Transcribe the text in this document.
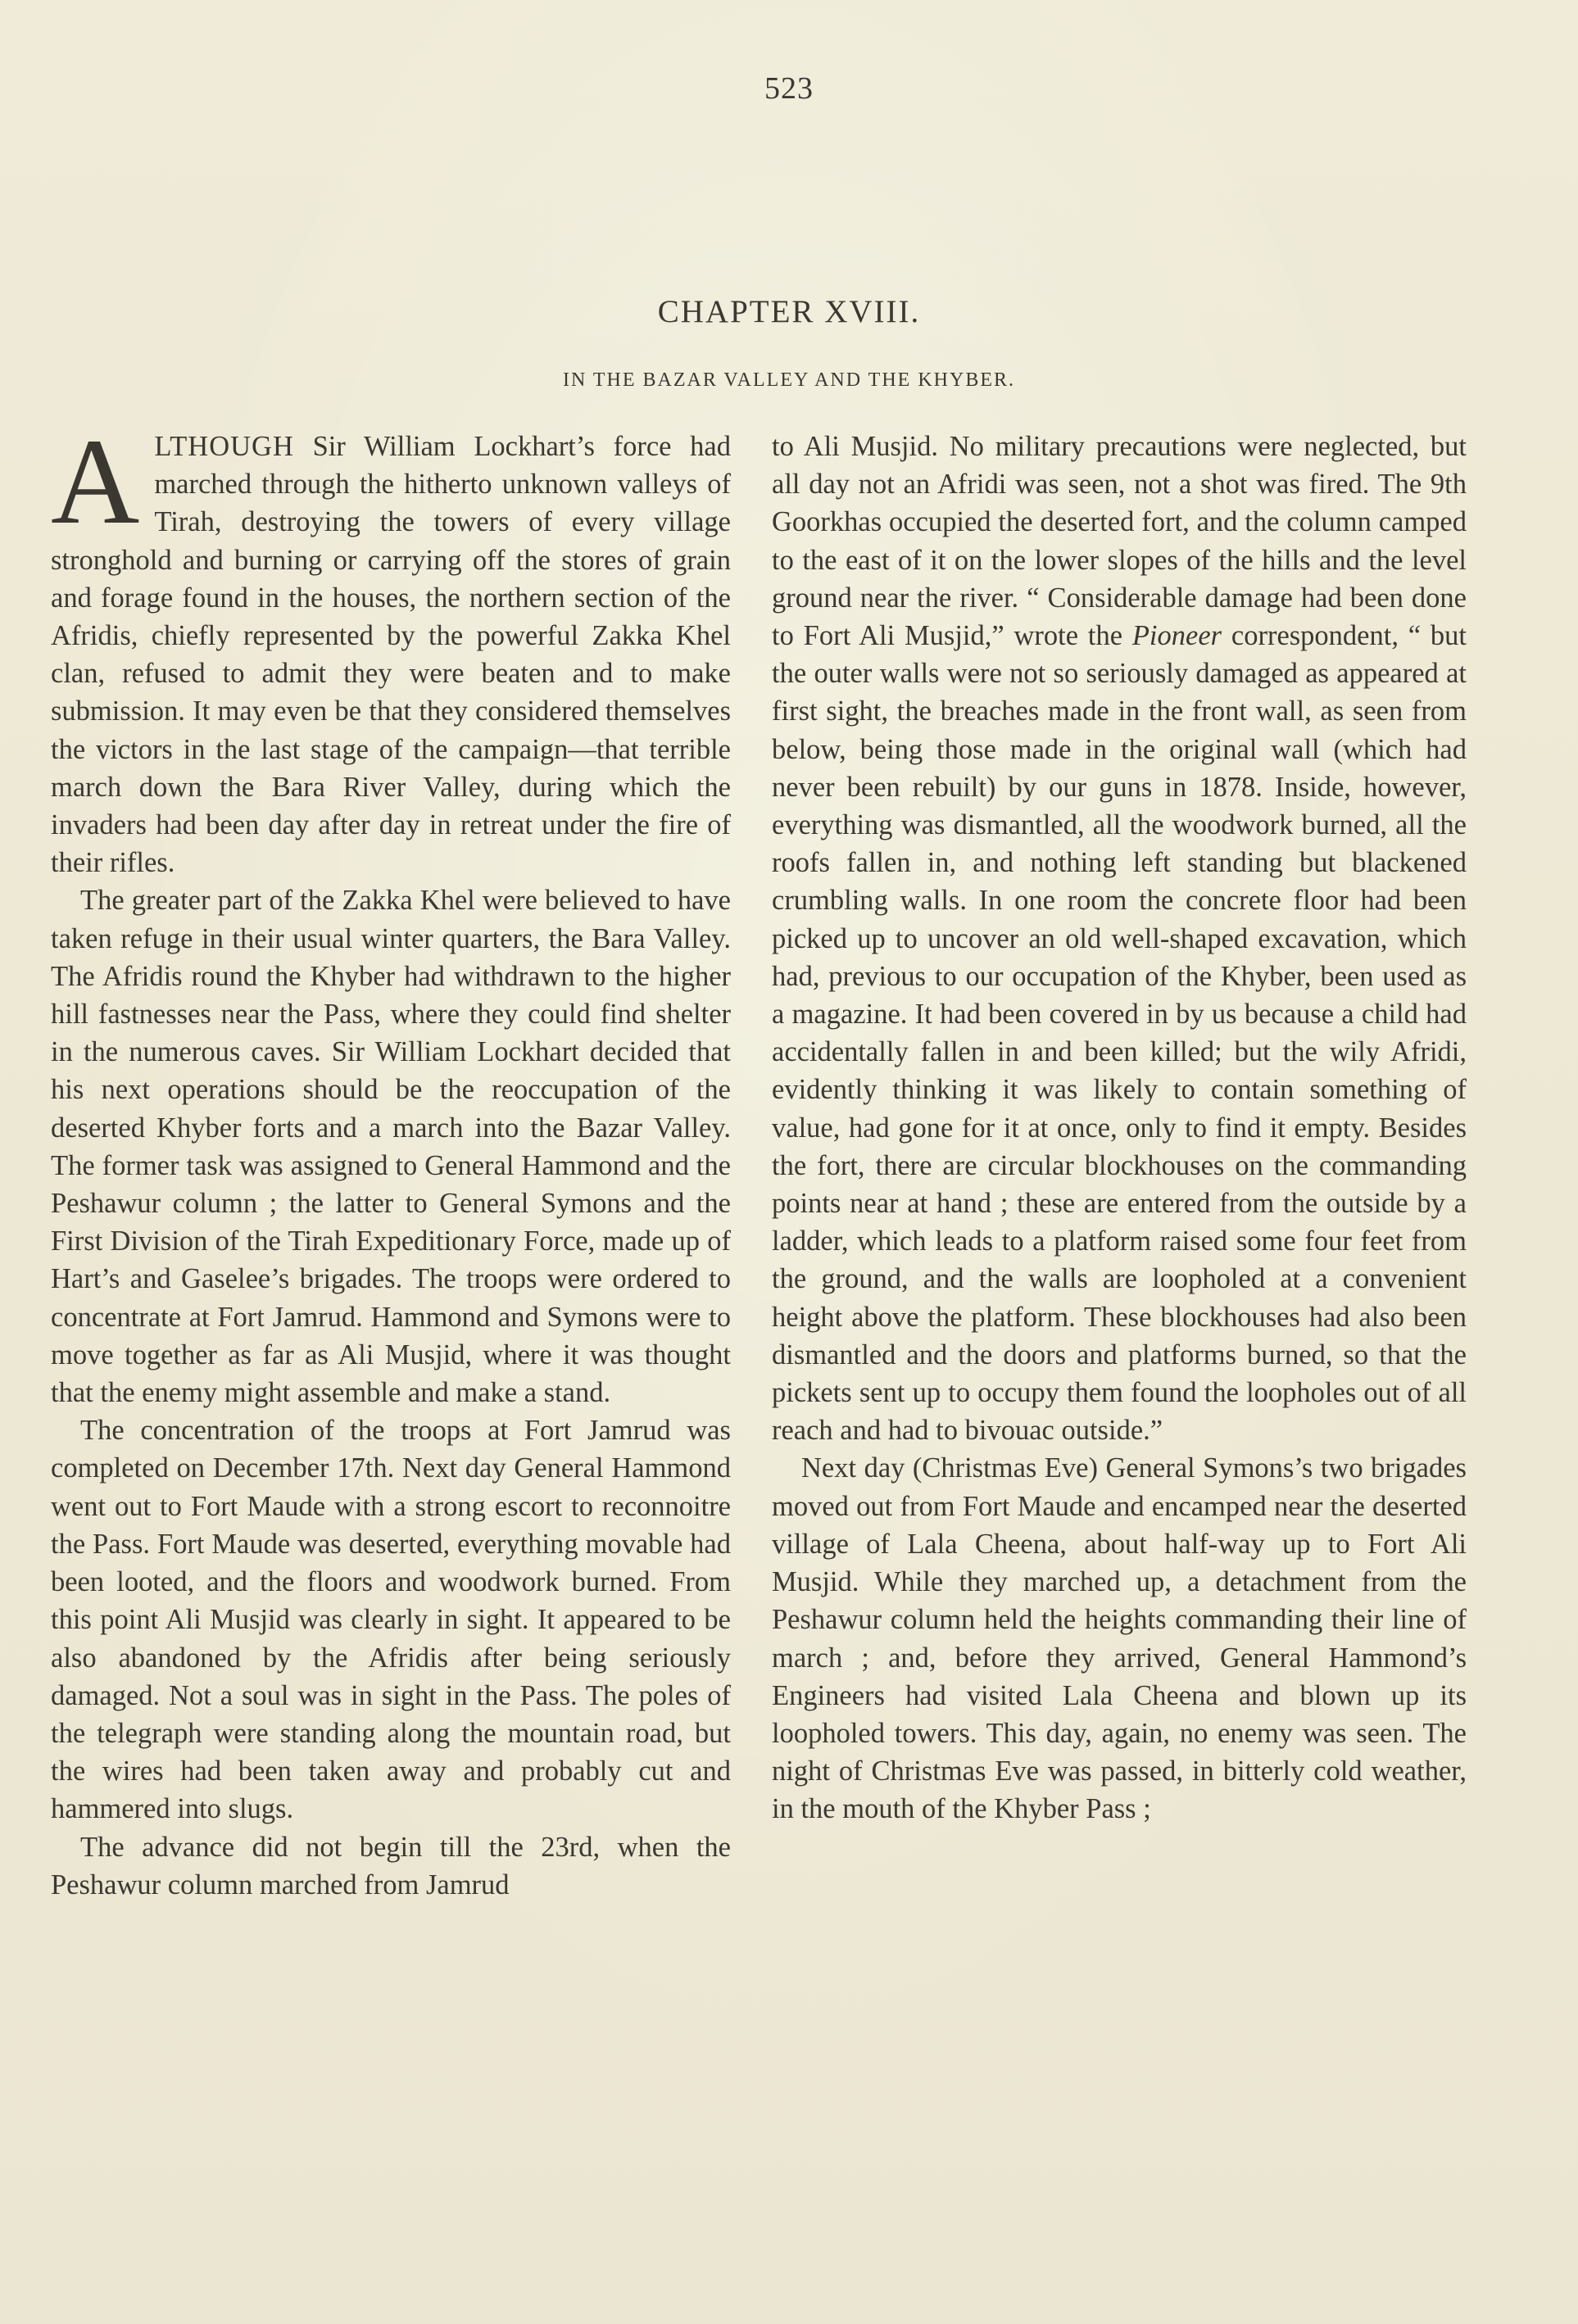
523
CHAPTER XVIII.
IN THE BAZAR VALLEY AND THE KHYBER.

ALTHOUGH Sir William Lockhart’s force had marched through the hitherto unknown valleys of Tirah, destroying the towers of every village stronghold and burning or carrying off the stores of grain and forage found in the houses, the northern section of the Afridis, chiefly represented by the powerful Zakka Khel clan, refused to admit they were beaten and to make submission. It may even be that they considered themselves the victors in the last stage of the campaign—that terrible march down the Bara River Valley, during which the invaders had been day after day in retreat under the fire of their rifles.

The greater part of the Zakka Khel were believed to have taken refuge in their usual winter quarters, the Bara Valley. The Afridis round the Khyber had withdrawn to the higher hill fastnesses near the Pass, where they could find shelter in the numerous caves. Sir William Lockhart decided that his next operations should be the reoccupation of the deserted Khyber forts and a march into the Bazar Valley. The former task was assigned to General Hammond and the Peshawur column ; the latter to General Symons and the First Division of the Tirah Expeditionary Force, made up of Hart’s and Gaselee’s brigades. The troops were ordered to concentrate at Fort Jamrud. Hammond and Symons were to move together as far as Ali Musjid, where it was thought that the enemy might assemble and make a stand.

The concentration of the troops at Fort Jamrud was completed on December 17th. Next day General Hammond went out to Fort Maude with a strong escort to reconnoitre the Pass. Fort Maude was deserted, everything movable had been looted, and the floors and woodwork burned. From this point Ali Musjid was clearly in sight. It appeared to be also abandoned by the Afridis after being seriously damaged. Not a soul was in sight in the Pass. The poles of the telegraph were standing along the mountain road, but the wires had been taken away and probably cut and hammered into slugs.

The advance did not begin till the 23rd, when the Peshawur column marched from Jamrud

to Ali Musjid. No military precautions were neglected, but all day not an Afridi was seen, not a shot was fired. The 9th Goorkhas occupied the deserted fort, and the column camped to the east of it on the lower slopes of the hills and the level ground near the river. “ Considerable damage had been done to Fort Ali Musjid,” wrote the Pioneer correspondent, “ but the outer walls were not so seriously damaged as appeared at first sight, the breaches made in the front wall, as seen from below, being those made in the original wall (which had never been rebuilt) by our guns in 1878. Inside, however, everything was dismantled, all the woodwork burned, all the roofs fallen in, and nothing left standing but blackened crumbling walls. In one room the concrete floor had been picked up to uncover an old well-shaped excavation, which had, previous to our occupation of the Khyber, been used as a magazine. It had been covered in by us because a child had accidentally fallen in and been killed; but the wily Afridi, evidently thinking it was likely to contain something of value, had gone for it at once, only to find it empty. Besides the fort, there are circular blockhouses on the commanding points near at hand ; these are entered from the outside by a ladder, which leads to a platform raised some four feet from the ground, and the walls are loopholed at a convenient height above the platform. These blockhouses had also been dismantled and the doors and platforms burned, so that the pickets sent up to occupy them found the loopholes out of all reach and had to bivouac outside.”

Next day (Christmas Eve) General Symons’s two brigades moved out from Fort Maude and encamped near the deserted village of Lala Cheena, about half-way up to Fort Ali Musjid. While they marched up, a detachment from the Peshawur column held the heights commanding their line of march ; and, before they arrived, General Hammond’s Engineers had visited Lala Cheena and blown up its loopholed towers. This day, again, no enemy was seen. The night of Christmas Eve was passed, in bitterly cold weather, in the mouth of the Khyber Pass ;
